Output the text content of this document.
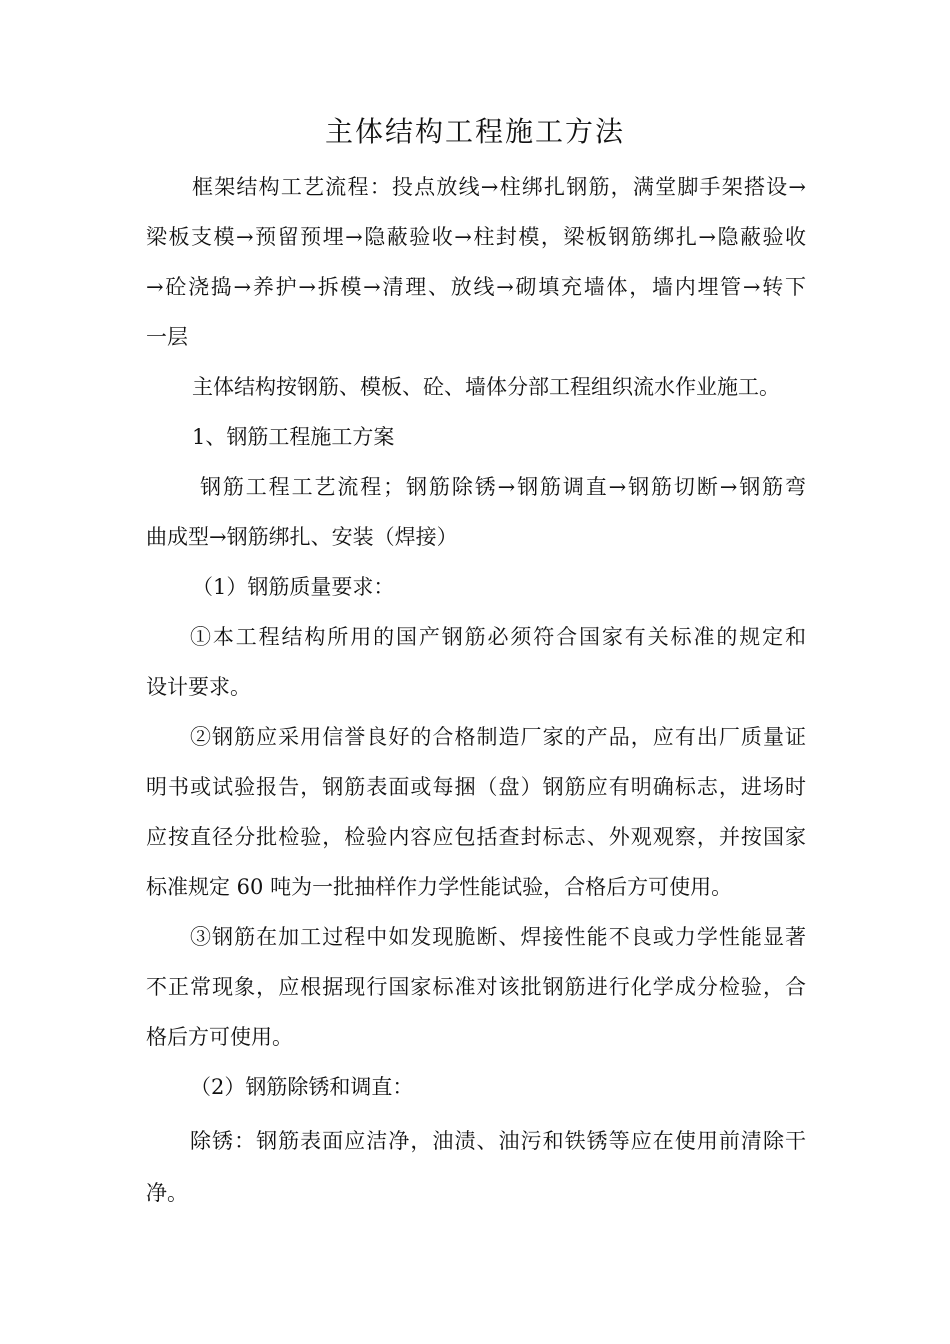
主体结构工程施工方法
框架结构工艺流程：投点放线→柱绑扎钢筋，满堂脚手架搭设→
梁板支模→预留预埋→隐蔽验收→柱封模，梁板钢筋绑扎→隐蔽验收
→砼浇捣→养护→拆模→清理、放线→砌填充墙体，墙内埋管→转下
一层
主体结构按钢筋、模板、砼、墙体分部工程组织流水作业施工。
1、钢筋工程施工方案
钢筋工程工艺流程；钢筋除锈→钢筋调直→钢筋切断→钢筋弯
曲成型→钢筋绑扎、安装（焊接）
（1）钢筋质量要求：
①本工程结构所用的国产钢筋必须符合国家有关标准的规定和
设计要求。
②钢筋应采用信誉良好的合格制造厂家的产品，应有出厂质量证
明书或试验报告，钢筋表面或每捆（盘）钢筋应有明确标志，进场时
应按直径分批检验，检验内容应包括查封标志、外观观察，并按国家
标准规定 60 吨为一批抽样作力学性能试验，合格后方可使用。
③钢筋在加工过程中如发现脆断、焊接性能不良或力学性能显著
不正常现象，应根据现行国家标准对该批钢筋进行化学成分检验，合
格后方可使用。
（2）钢筋除锈和调直：
除锈：钢筋表面应洁净，油渍、油污和铁锈等应在使用前清除干
净。
